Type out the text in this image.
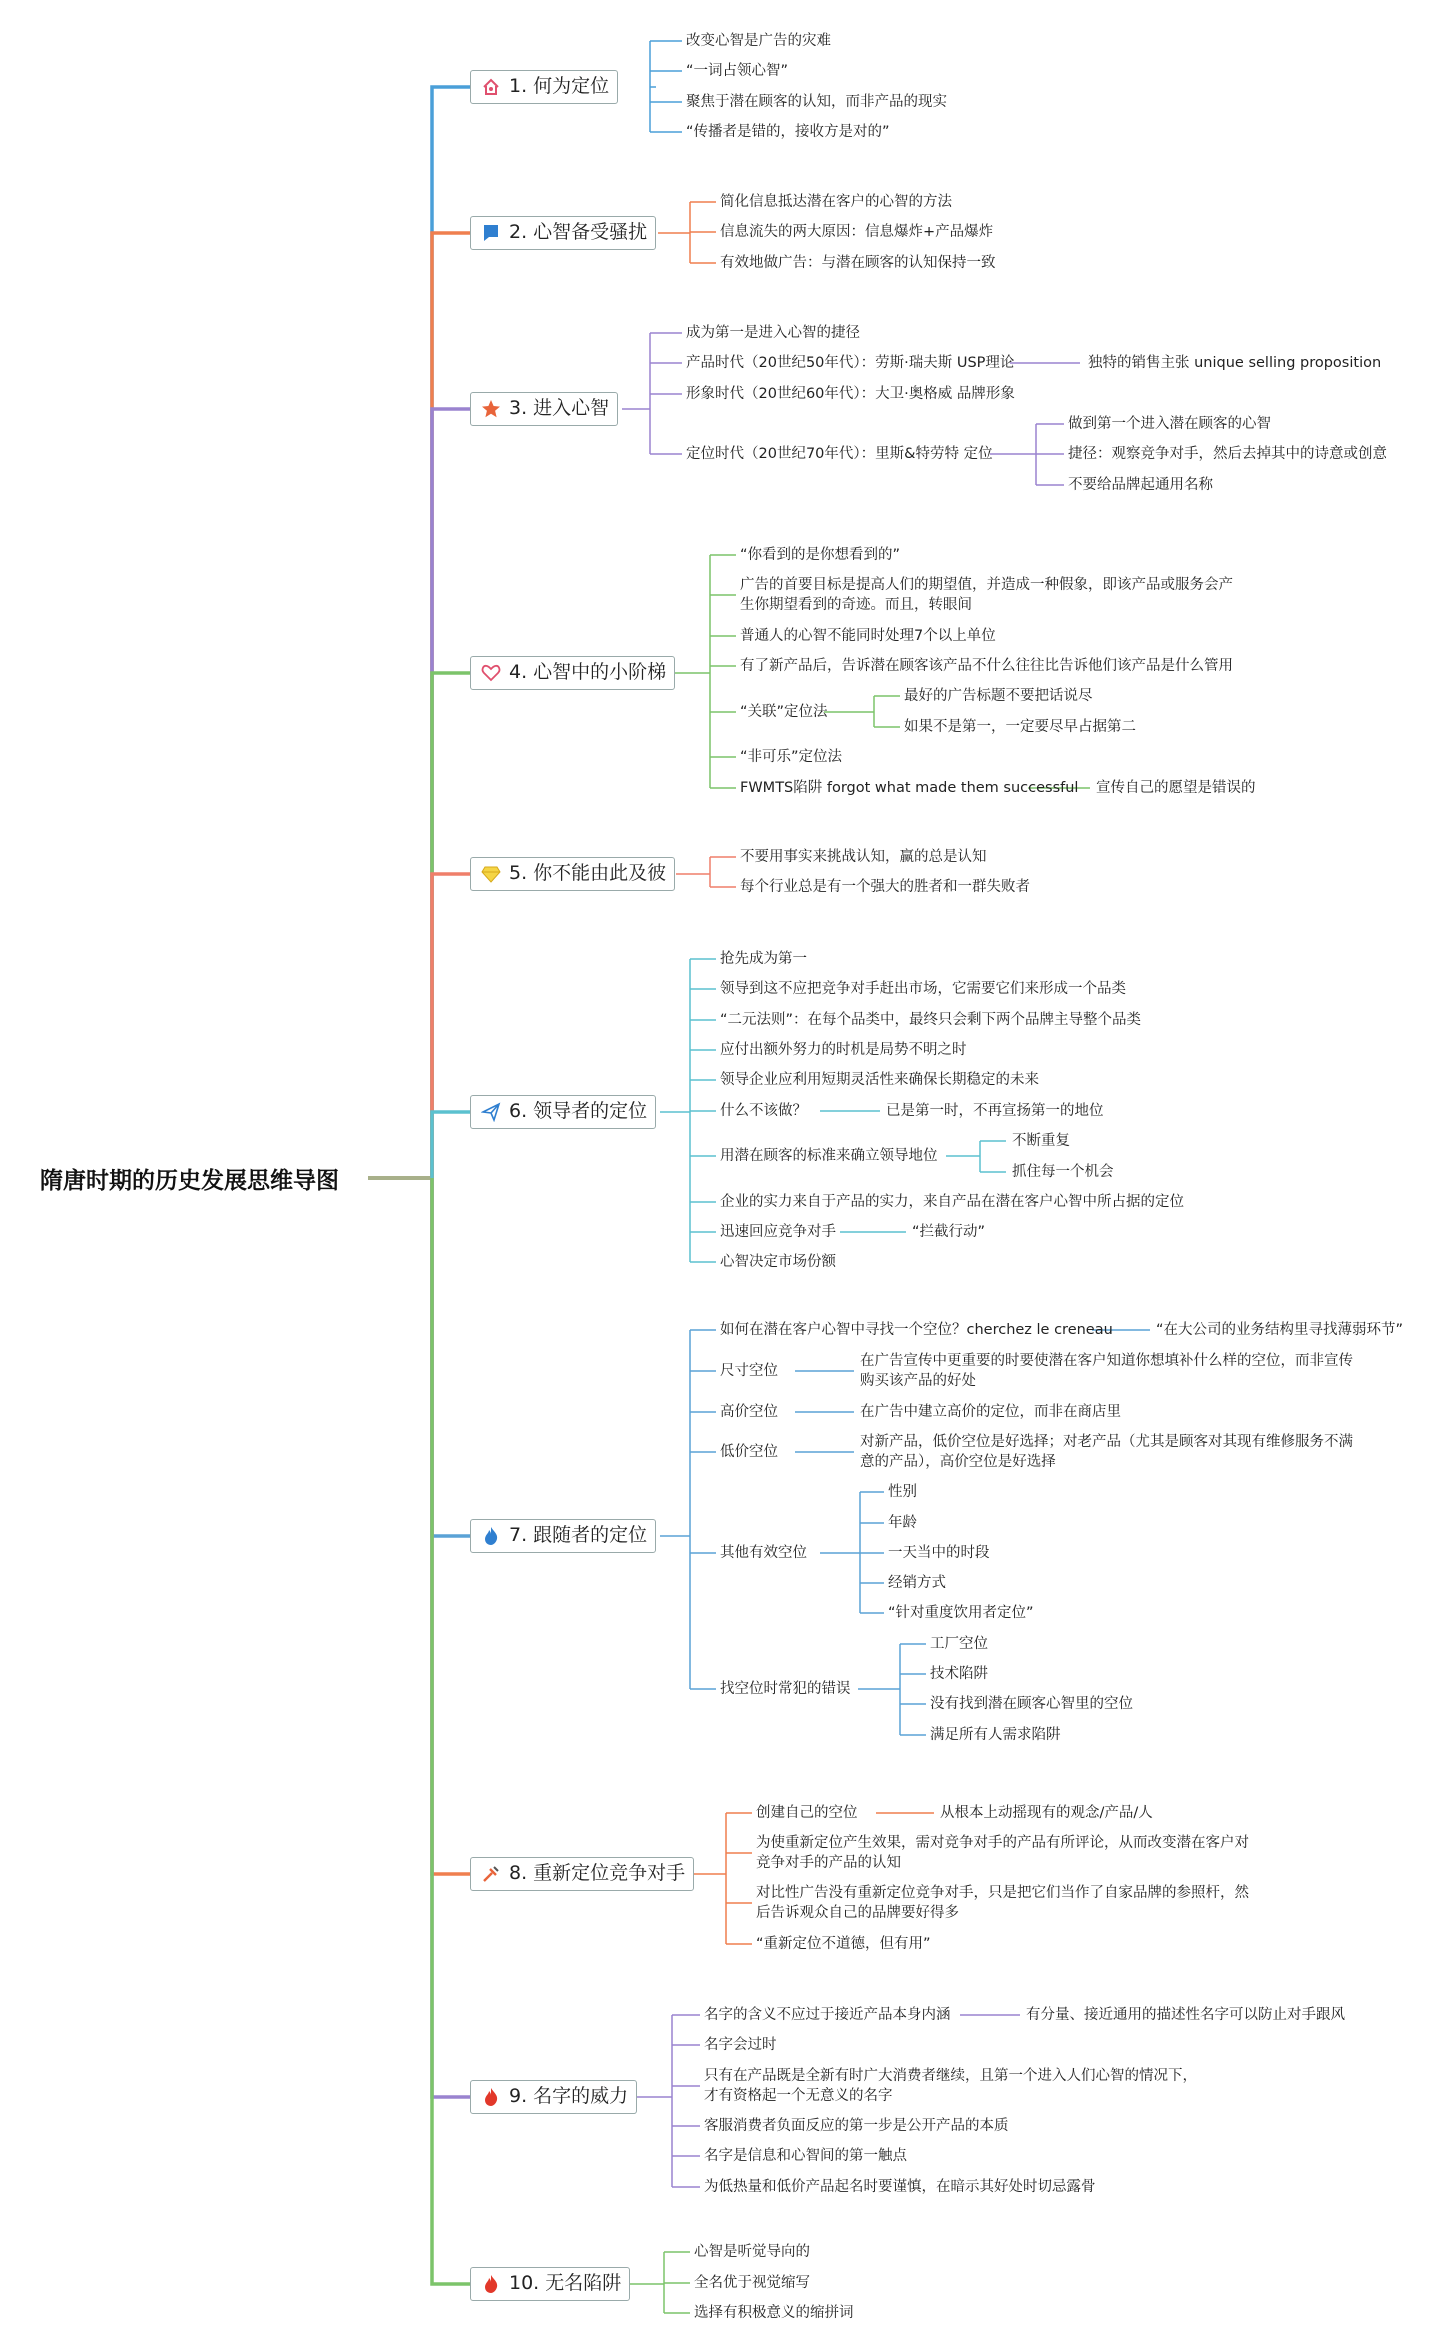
隋唐时期的历史发展思维导图
1. 何为定位
改变心智是广告的灾难
“一词占领心智”
聚焦于潜在顾客的认知，而非产品的现实
“传播者是错的，接收方是对的”
2. 心智备受骚扰
简化信息抵达潜在客户的心智的方法
信息流失的两大原因：信息爆炸+产品爆炸
有效地做广告：与潜在顾客的认知保持一致
3. 进入心智
成为第一是进入心智的捷径
产品时代（20世纪50年代）：劳斯·瑞夫斯 USP理论
形象时代（20世纪60年代）：大卫·奥格威 品牌形象
定位时代（20世纪70年代）：里斯&特劳特 定位
独特的销售主张 unique selling proposition
做到第一个进入潜在顾客的心智
捷径：观察竞争对手，然后去掉其中的诗意或创意
不要给品牌起通用名称
4. 心智中的小阶梯
“你看到的是你想看到的”
广告的首要目标是提高人们的期望值，并造成一种假象，即该产品或服务会产生你期望看到的奇迹。而且，转眼间
普通人的心智不能同时处理7个以上单位
有了新产品后，告诉潜在顾客该产品不什么往往比告诉他们该产品是什么管用
“关联”定位法
“非可乐”定位法
FWMTS陷阱 forgot what made them successful
最好的广告标题不要把话说尽
如果不是第一，一定要尽早占据第二
宣传自己的愿望是错误的
5. 你不能由此及彼
不要用事实来挑战认知，赢的总是认知
每个行业总是有一个强大的胜者和一群失败者
6. 领导者的定位
抢先成为第一
领导到这不应把竞争对手赶出市场，它需要它们来形成一个品类
“二元法则”：在每个品类中，最终只会剩下两个品牌主导整个品类
应付出额外努力的时机是局势不明之时
领导企业应利用短期灵活性来确保长期稳定的未来
什么不该做？
用潜在顾客的标准来确立领导地位
企业的实力来自于产品的实力，来自产品在潜在客户心智中所占据的定位
迅速回应竞争对手
心智决定市场份额
已是第一时，不再宣扬第一的地位
不断重复
抓住每一个机会
“拦截行动”
7. 跟随者的定位
如何在潜在客户心智中寻找一个空位？cherchez le creneau
尺寸空位
高价空位
低价空位
其他有效空位
找空位时常犯的错误
“在大公司的业务结构里寻找薄弱环节”
在广告宣传中更重要的时要使潜在客户知道你想填补什么样的空位，而非宣传购买该产品的好处
在广告中建立高价的定位，而非在商店里
对新产品，低价空位是好选择；对老产品（尤其是顾客对其现有维修服务不满意的产品），高价空位是好选择
性别
年龄
一天当中的时段
经销方式
“针对重度饮用者定位”
工厂空位
技术陷阱
没有找到潜在顾客心智里的空位
满足所有人需求陷阱
8. 重新定位竞争对手
创建自己的空位
为使重新定位产生效果，需对竞争对手的产品有所评论，从而改变潜在客户对竞争对手的产品的认知
对比性广告没有重新定位竞争对手，只是把它们当作了自家品牌的参照杆，然后告诉观众自己的品牌要好得多
“重新定位不道德，但有用”
从根本上动摇现有的观念/产品/人
9. 名字的威力
名字的含义不应过于接近产品本身内涵
名字会过时
只有在产品既是全新有时广大消费者继续，且第一个进入人们心智的情况下，才有资格起一个无意义的名字
客服消费者负面反应的第一步是公开产品的本质
名字是信息和心智间的第一触点
为低热量和低价产品起名时要谨慎，在暗示其好处时切忌露骨
有分量、接近通用的描述性名字可以防止对手跟风
10. 无名陷阱
心智是听觉导向的
全名优于视觉缩写
选择有积极意义的缩拼词
